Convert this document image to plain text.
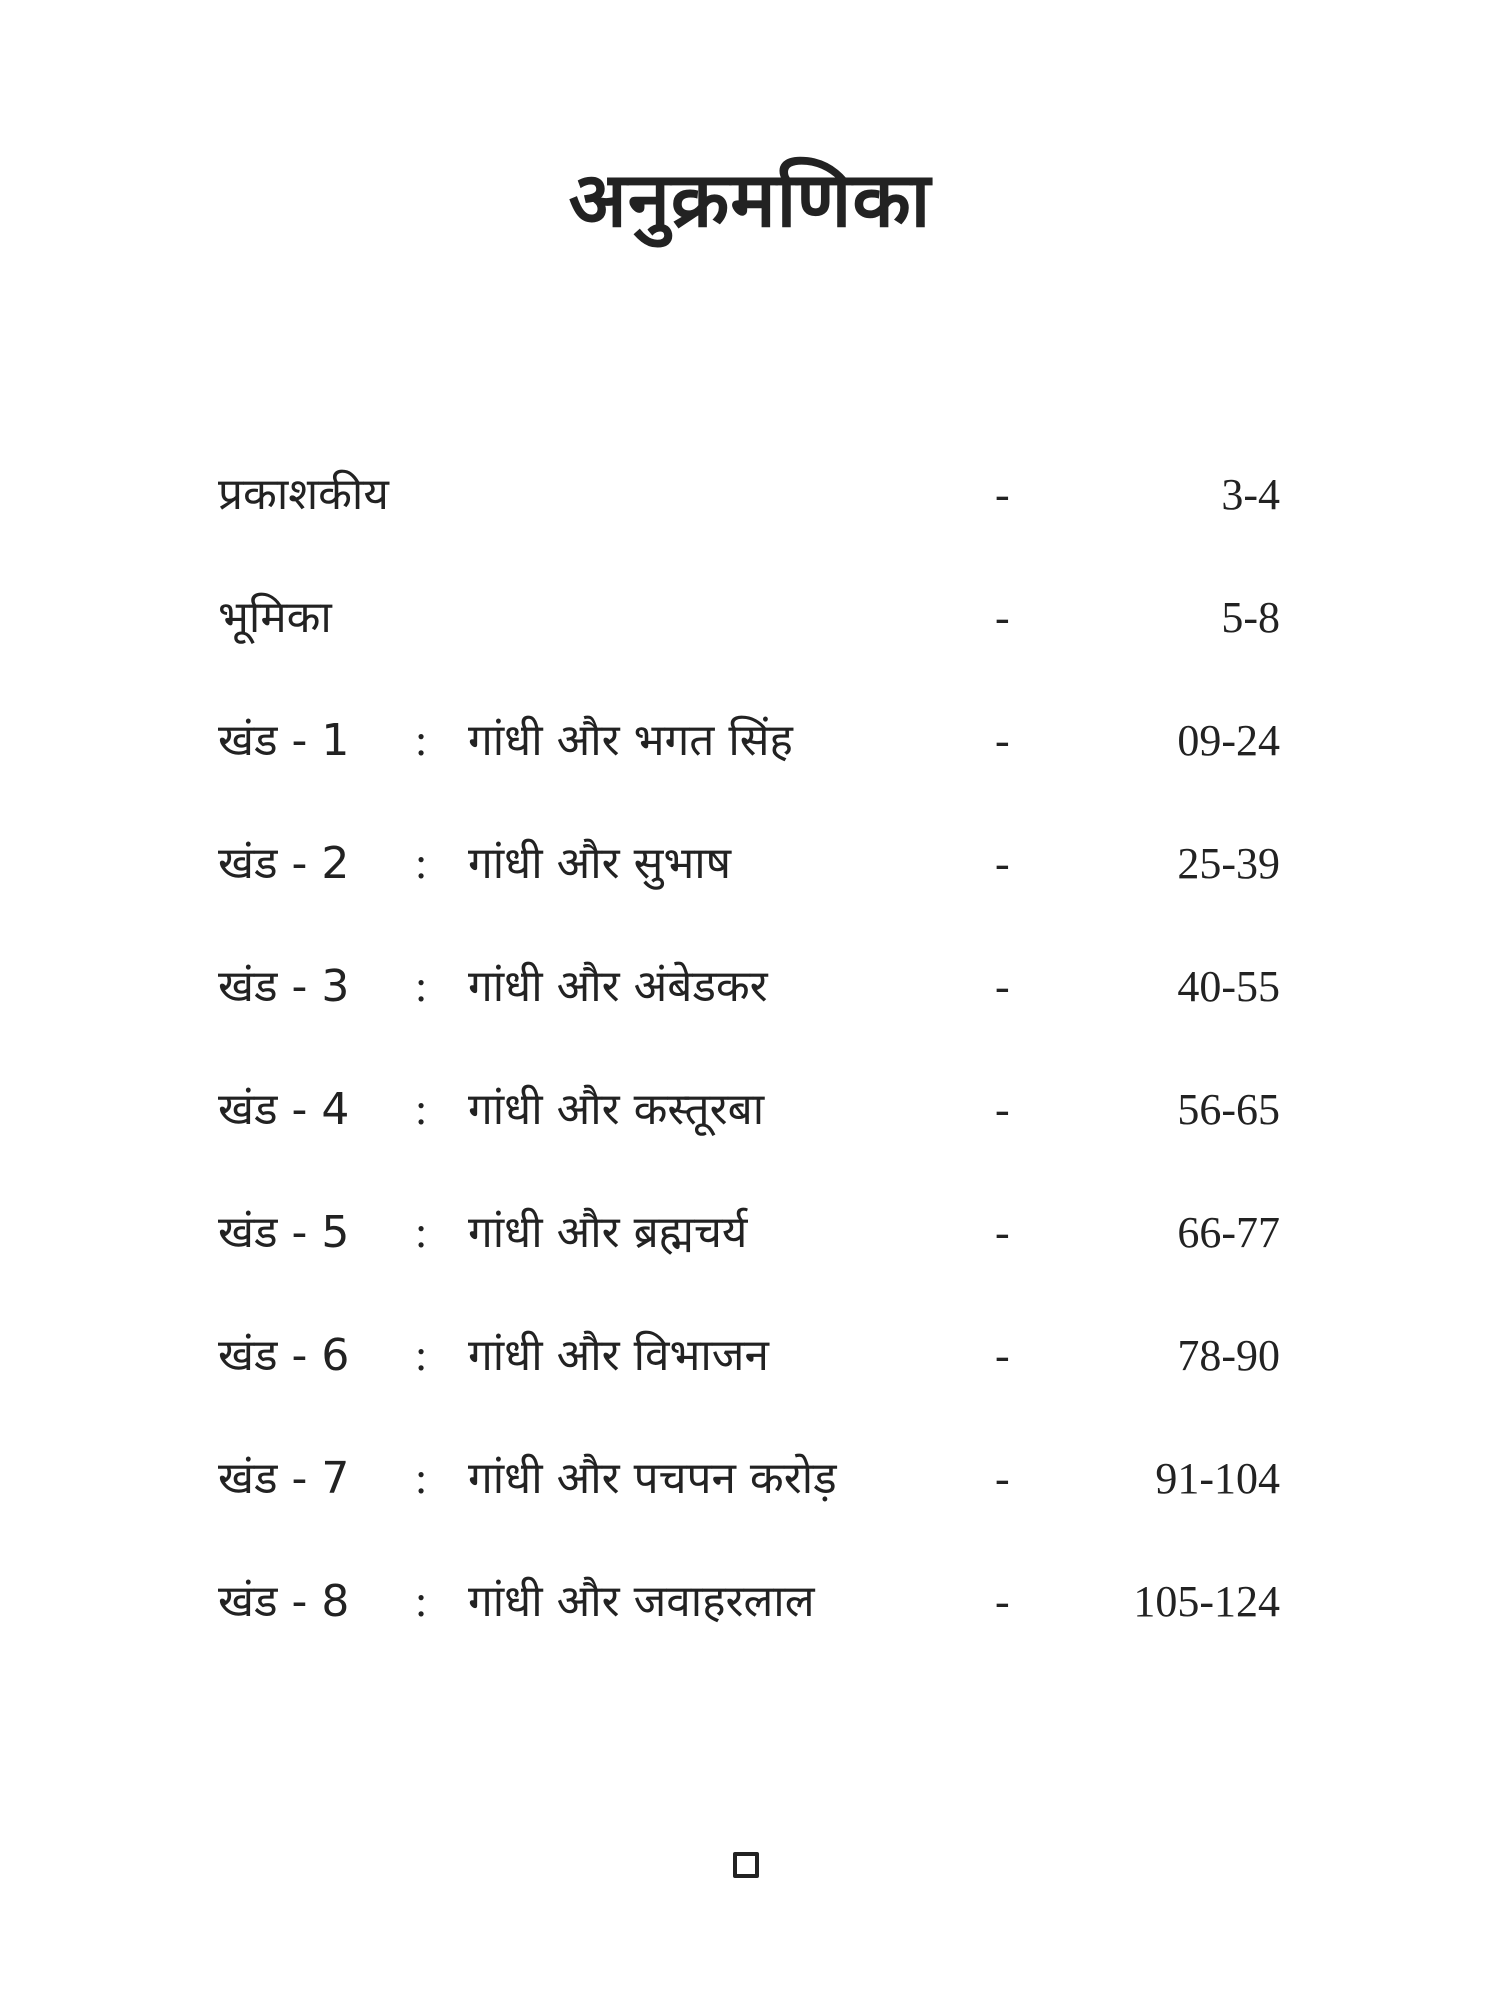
अनुक्रमणिका
प्रकाशकीय	-	3-4
भूमिका	-	5-8
खंड - 1 : गांधी और भगत सिंह	-	09-24
खंड - 2 : गांधी और सुभाष	-	25-39
खंड - 3 : गांधी और अंबेडकर	-	40-55
खंड - 4 : गांधी और कस्तूरबा	-	56-65
खंड - 5 : गांधी और ब्रह्मचर्य	-	66-77
खंड - 6 : गांधी और विभाजन	-	78-90
खंड - 7 : गांधी और पचपन करोड़	-	91-104
खंड - 8 : गांधी और जवाहरलाल	-	105-124
